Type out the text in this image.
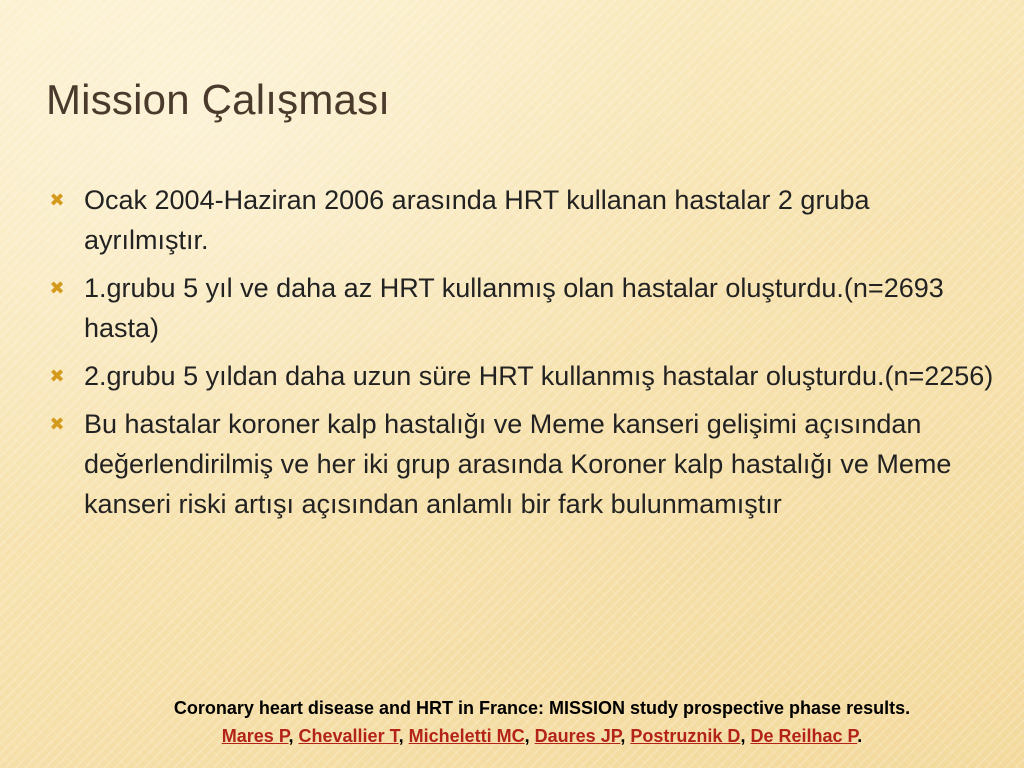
Mission Çalışması
✖ Ocak 2004-Haziran 2006 arasında HRT kullanan hastalar 2 gruba ayrılmıştır.
✖ 1.grubu 5 yıl ve daha az HRT kullanmış olan hastalar oluşturdu.(n=2693 hasta)
✖ 2.grubu 5 yıldan daha uzun süre HRT kullanmış hastalar oluşturdu.(n=2256)
✖ Bu hastalar koroner kalp hastalığı ve Meme kanseri gelişimi açısından değerlendirilmiş ve her iki grup arasında Koroner kalp hastalığı ve Meme kanseri riski artışı açısından anlamlı bir fark bulunmamıştır
Coronary heart disease and HRT in France: MISSION study prospective phase results.
Mares P, Chevallier T, Micheletti MC, Daures JP, Postruznik D, De Reilhac P.
